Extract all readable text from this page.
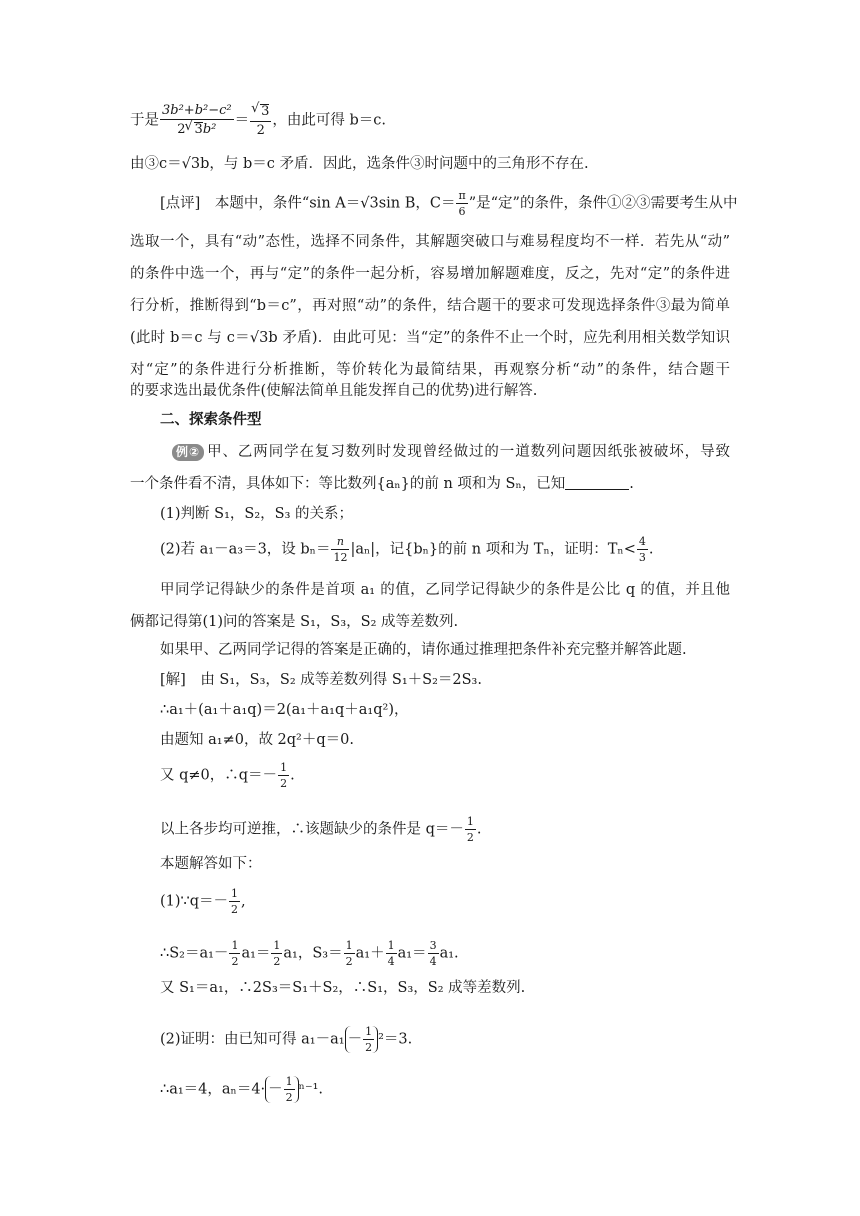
于是 $\frac{\text{3b²+b²−c²}}{\text{2 √ 3b²}}$ ＝ √ $\frac{3}{2}$ ，由此可得 b＝c.
由③c＝√3b，与 b＝c 矛盾．因此，选条件③时问题中的三角形不存在.
[点评]　 本题中，条件“sin A＝√3sin B，$C= \frac{\pi}{6}$ ”是“定”的条件，条件①②③需要考生从中
选取一个，具有“动”态性，选择不同条件，其解题突破口与难易程度均不一样．若先从“动”
的条件中选一个，再与“定”的条件一起分析，容易增加解题难度，反之，先对“定”的条件进
行分析，推断得到“b＝c”，再对照“动”的条件，结合题干的要求可发现选择条件③最为简单
(此时 b＝c 与 c＝√3b 矛盾)．由此可见：当“定”的条件不止一个时，应先利用相关数学知识
对“定”的条件进行分析推断，等价转化为最简结果，再观察分析“动”的条件，结合题干
的要求选出最优条件(使解法简单且能发挥自己的优势)进行解答.
二、探索条件型
例② 甲、乙两同学在复习数列时发现曾经做过的一道数列问题因纸张被破坏，导致
一个条件看不清，具体如下：等比数列{aₙ}的前 n 项和为 Sₙ，已知	.
(1)判断 S₁，S₂，S₃ 的关系；
(2)若 a₁－a₃＝3，设 $b_n= \frac{n}{12} |a_n|$，记{bₙ}的前 n 项和为 Tₙ，证明：$T_n< \frac{4}{3}$ .
甲同学记得缺少的条件是首项 a₁ 的值，乙同学记得缺少的条件是公比 q 的值，并且他
俩都记得第(1)问的答案是 S₁，S₃，S₂ 成等差数列.
如果甲、乙两同学记得的答案是正确的，请你通过推理把条件补充完整并解答此题.
[解]　 由 S₁，S₃，S₂ 成等差数列得 S₁＋S₂＝2S₃.
∴a₁＋(a₁＋a₁q)＝2(a₁＋a₁q＋a₁q²)，
由题知 a₁≠0，故 2q²＋q＝0.
又 q≠0，∴q＝－ $\frac{1}{2}$ .
以上各步均可逆推，∴该题缺少的条件是 $q=- \frac{1}{2}$ .
本题解答如下：
(1)∵q＝－ $\frac{1}{2}$ ,
∴S₂＝a₁－ $\frac{1}{2} a_1= \frac{1}{2} a_1$，$S_3= \frac{1}{2} a_1+ \frac{1}{4} a_1= \frac{3}{4} a_1$.
又 S₁＝a₁，∴2S₃＝S₁＋S₂，∴S₁，S₃，S₂ 成等差数列.
(2)证明：由已知可得 $a_1-a_1 - \frac{1}{2} ^2=3$.
∴a₁＝4，$a_n=4\cdot - \frac{1}{2} ^{n-1}$.
